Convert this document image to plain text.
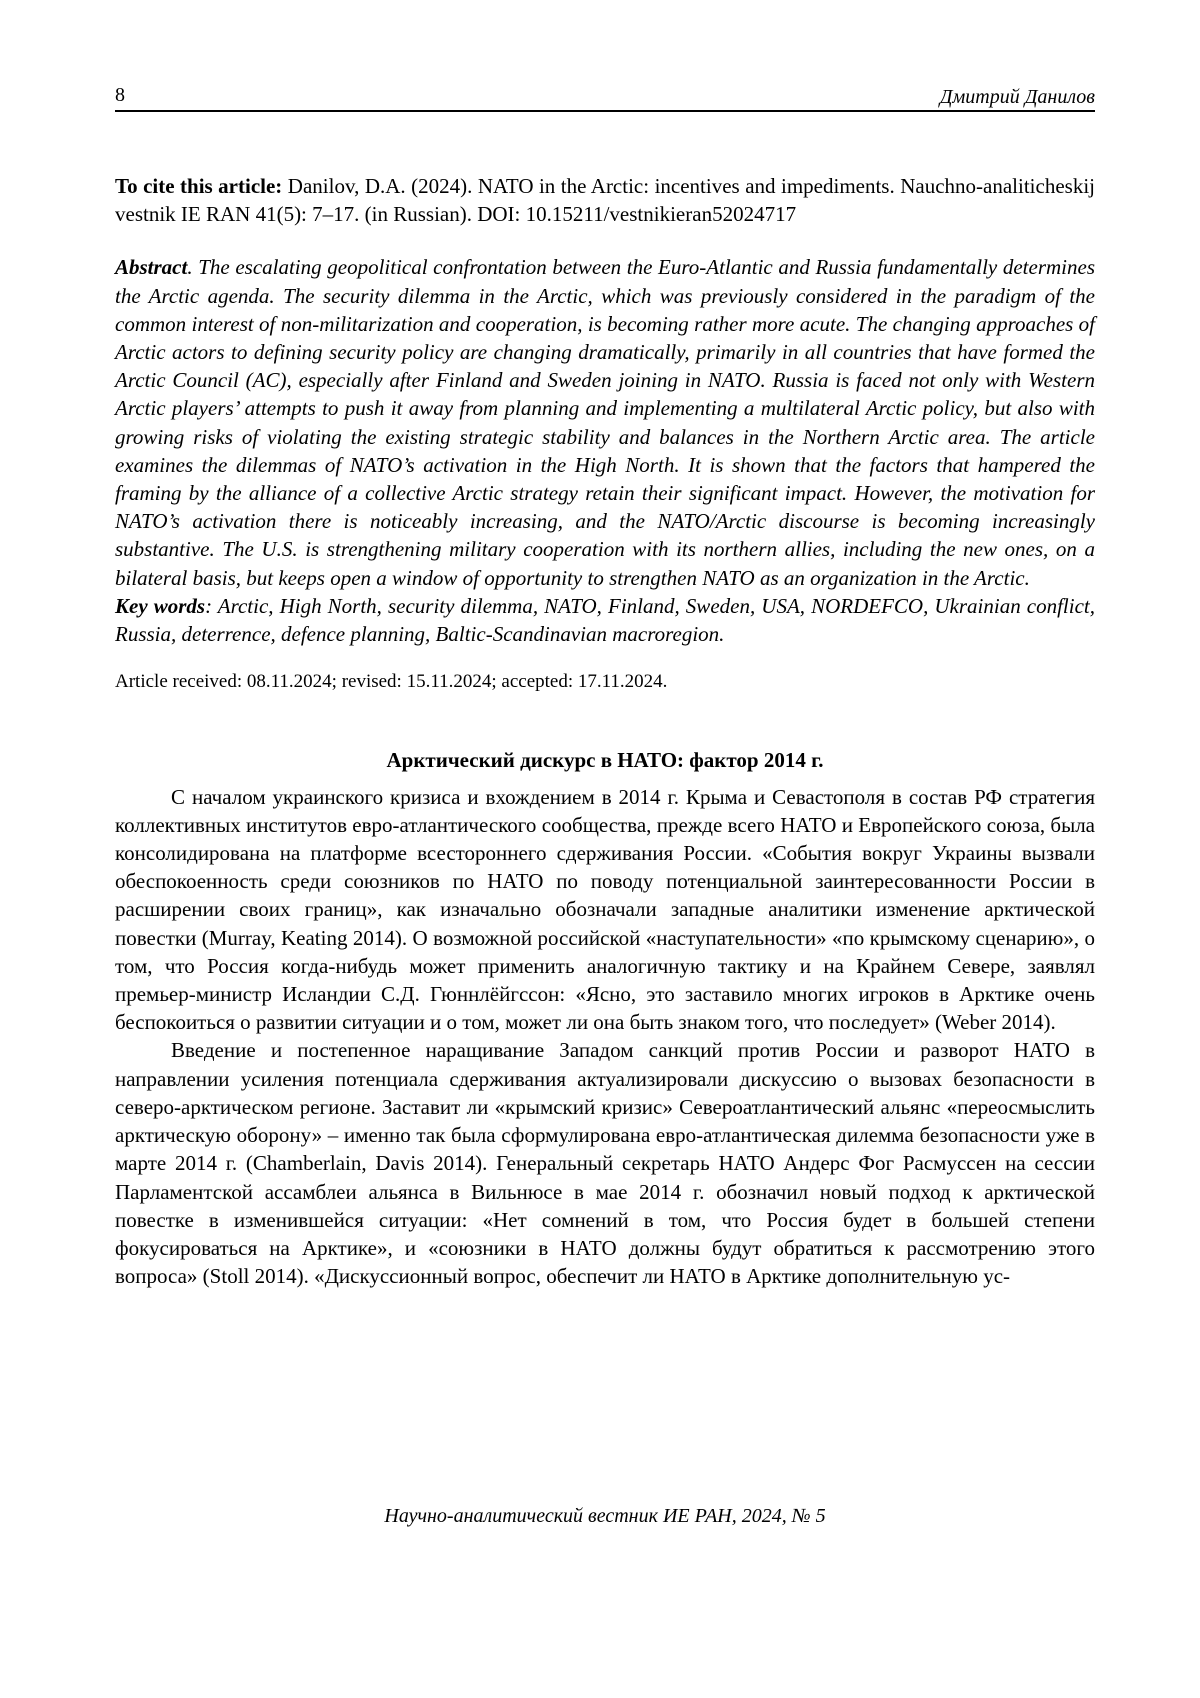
8	Дмитрий Данилов

To cite this article: Danilov, D.A. (2024). NATO in the Arctic: incentives and impediments. Nauchno-analiticheskij vestnik IE RAN 41(5): 7–17. (in Russian). DOI: 10.15211/vestnikieran52024717

Abstract. The escalating geopolitical confrontation between the Euro-Atlantic and Russia fundamentally determines the Arctic agenda. The security dilemma in the Arctic, which was previously considered in the paradigm of the common interest of non-militarization and cooperation, is becoming rather more acute. The changing approaches of Arctic actors to defining security policy are changing dramatically, primarily in all countries that have formed the Arctic Council (AC), especially after Finland and Sweden joining in NATO. Russia is faced not only with Western Arctic players’ attempts to push it away from planning and implementing a multilateral Arctic policy, but also with growing risks of violating the existing strategic stability and balances in the Northern Arctic area. The article examines the dilemmas of NATO’s activation in the High North. It is shown that the factors that hampered the framing by the alliance of a collective Arctic strategy retain their significant impact. However, the motivation for NATO’s activation there is noticeably increasing, and the NATO/Arctic discourse is becoming increasingly substantive. The U.S. is strengthening military cooperation with its northern allies, including the new ones, on a bilateral basis, but keeps open a window of opportunity to strengthen NATO as an organization in the Arctic.

Key words: Arctic, High North, security dilemma, NATO, Finland, Sweden, USA, NORDEFCO, Ukrainian conflict, Russia, deterrence, defence planning, Baltic-Scandinavian macroregion.

Article received: 08.11.2024; revised: 15.11.2024; accepted: 17.11.2024.

Арктический дискурс в НАТО: фактор 2014 г.

С началом украинского кризиса и вхождением в 2014 г. Крыма и Севастополя в состав РФ стратегия коллективных институтов евро-атлантического сообщества, прежде всего НАТО и Европейского союза, была консолидирована на платформе всестороннего сдерживания России. «События вокруг Украины вызвали обеспокоенность среди союзников по НАТО по поводу потенциальной заинтересованности России в расширении своих границ», как изначально обозначали западные аналитики изменение арктической повестки (Murray, Keating 2014). О возможной российской «наступательности» «по крымскому сценарию», о том, что Россия когда-нибудь может применить аналогичную тактику и на Крайнем Севере, заявлял премьер-министр Исландии С.Д. Гюннлёйгссон: «Ясно, это заставило многих игроков в Арктике очень беспокоиться о развитии ситуации и о том, может ли она быть знаком того, что последует» (Weber 2014).

Введение и постепенное наращивание Западом санкций против России и разворот НАТО в направлении усиления потенциала сдерживания актуализировали дискуссию о вызовах безопасности в северо-арктическом регионе. Заставит ли «крымский кризис» Североатлантический альянс «переосмыслить арктическую оборону» – именно так была сформулирована евро-атлантическая дилемма безопасности уже в марте 2014 г. (Chamberlain, Davis 2014). Генеральный секретарь НАТО Андерс Фог Расмуссен на сессии Парламентской ассамблеи альянса в Вильнюсе в мае 2014 г. обозначил новый подход к арктической повестке в изменившейся ситуации: «Нет сомнений в том, что Россия будет в большей степени фокусироваться на Арктике», и «союзники в НАТО должны будут обратиться к рассмотрению этого вопроса» (Stoll 2014). «Дискуссионный вопрос, обеспечит ли НАТО в Арктике дополнительную ус-

Научно-аналитический вестник ИЕ РАН, 2024, № 5
